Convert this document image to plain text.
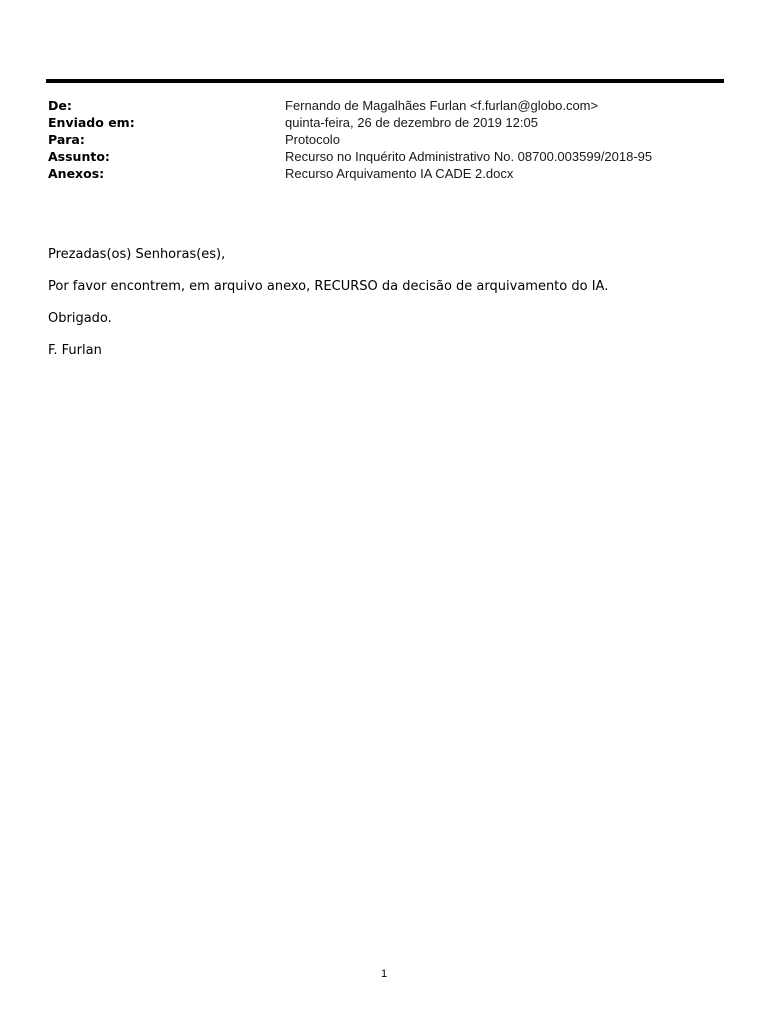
De:	Fernando de Magalhães Furlan <f.furlan@globo.com>
Enviado em:	quinta-feira, 26 de dezembro de 2019 12:05
Para:	Protocolo
Assunto:	Recurso no Inquérito Administrativo No. 08700.003599/2018-95
Anexos:	Recurso Arquivamento IA CADE 2.docx

Prezadas(os) Senhoras(es),

Por favor encontrem, em arquivo anexo, RECURSO da decisão de arquivamento do IA.

Obrigado.

F. Furlan

1
